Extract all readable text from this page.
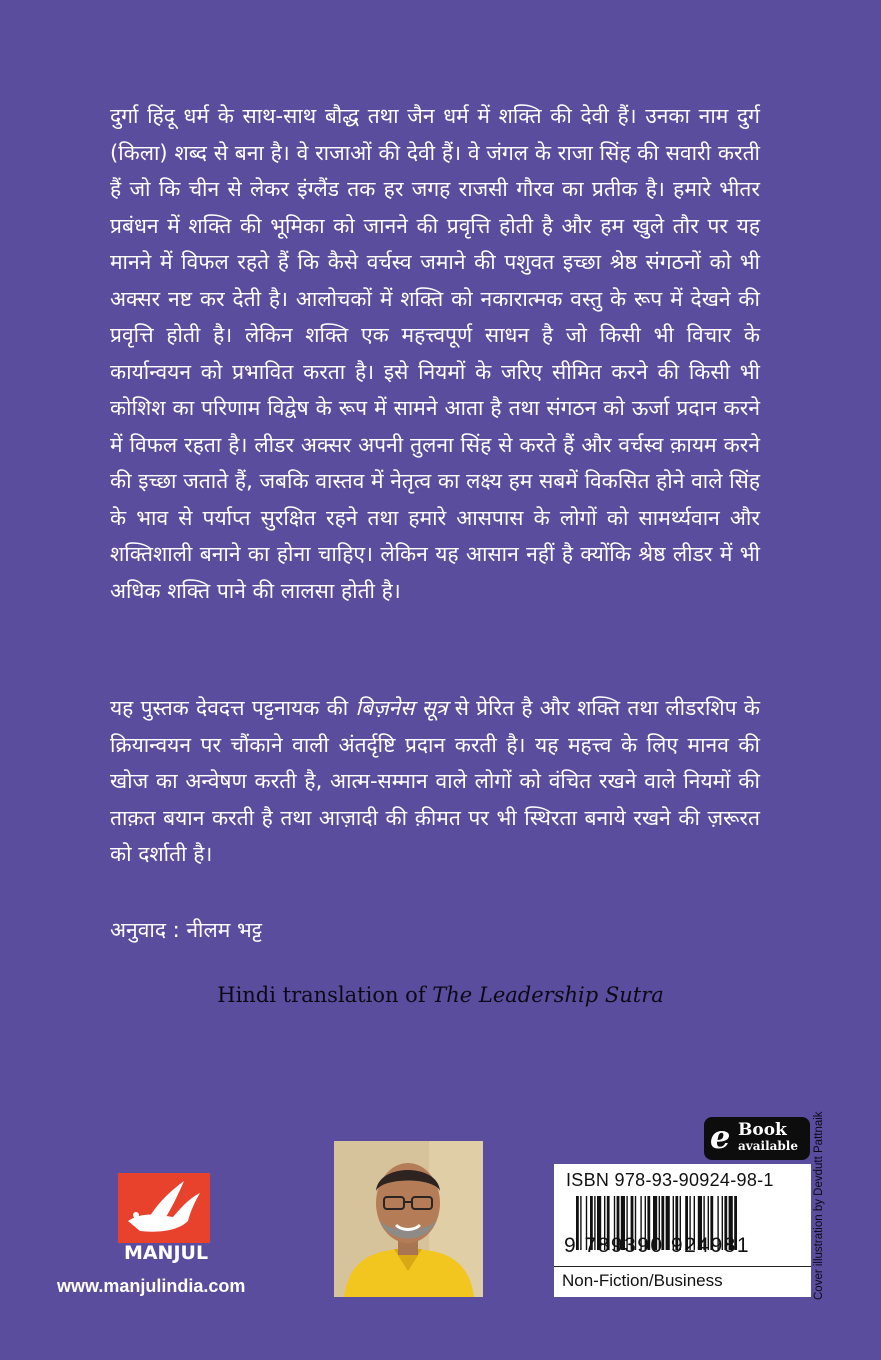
दुर्गा हिंदू धर्म के साथ-साथ बौद्ध तथा जैन धर्म में शक्ति की देवी हैं। उनका नाम दुर्ग (किला) शब्द से बना है। वे राजाओं की देवी हैं। वे जंगल के राजा सिंह की सवारी करती हैं जो कि चीन से लेकर इंग्लैंड तक हर जगह राजसी गौरव का प्रतीक है। हमारे भीतर प्रबंधन में शक्ति की भूमिका को जानने की प्रवृत्ति होती है और हम खुले तौर पर यह मानने में विफल रहते हैं कि कैसे वर्चस्व जमाने की पशुवत इच्छा श्रेष्ठ संगठनों को भी अक्सर नष्ट कर देती है। आलोचकों में शक्ति को नकारात्मक वस्तु के रूप में देखने की प्रवृत्ति होती है। लेकिन शक्ति एक महत्त्वपूर्ण साधन है जो किसी भी विचार के कार्यान्वयन को प्रभावित करता है। इसे नियमों के जरिए सीमित करने की किसी भी कोशिश का परिणाम विद्वेष के रूप में सामने आता है तथा संगठन को ऊर्जा प्रदान करने में विफल रहता है। लीडर अक्सर अपनी तुलना सिंह से करते हैं और वर्चस्व क़ायम करने की इच्छा जताते हैं, जबकि वास्तव में नेतृत्व का लक्ष्य हम सबमें विकसित होने वाले सिंह के भाव से पर्याप्त सुरक्षित रहने तथा हमारे आसपास के लोगों को सामर्थ्यवान और शक्तिशाली बनाने का होना चाहिए। लेकिन यह आसान नहीं है क्योंकि श्रेष्ठ लीडर में भी अधिक शक्ति पाने की लालसा होती है।

यह पुस्तक देवदत्त पट्टनायक की बिज़नेस सूत्र से प्रेरित है और शक्ति तथा लीडरशिप के क्रियान्वयन पर चौंकाने वाली अंतर्दृष्टि प्रदान करती है। यह महत्त्व के लिए मानव की खोज का अन्वेषण करती है, आत्म-सम्मान वाले लोगों को वंचित रखने वाले नियमों की ताक़त बयान करती है तथा आज़ादी की क़ीमत पर भी स्थिरता बनाये रखने की ज़रूरत को दर्शाती है।

अनुवाद : नीलम भट्ट
Hindi translation of The Leadership Sutra
MANJUL
www.manjulindia.com
e Book
available
ISBN 978-93-90924-98-1
9 789390 924981
Non-Fiction/Business	Cover illustration by Devdutt Pattnaik
